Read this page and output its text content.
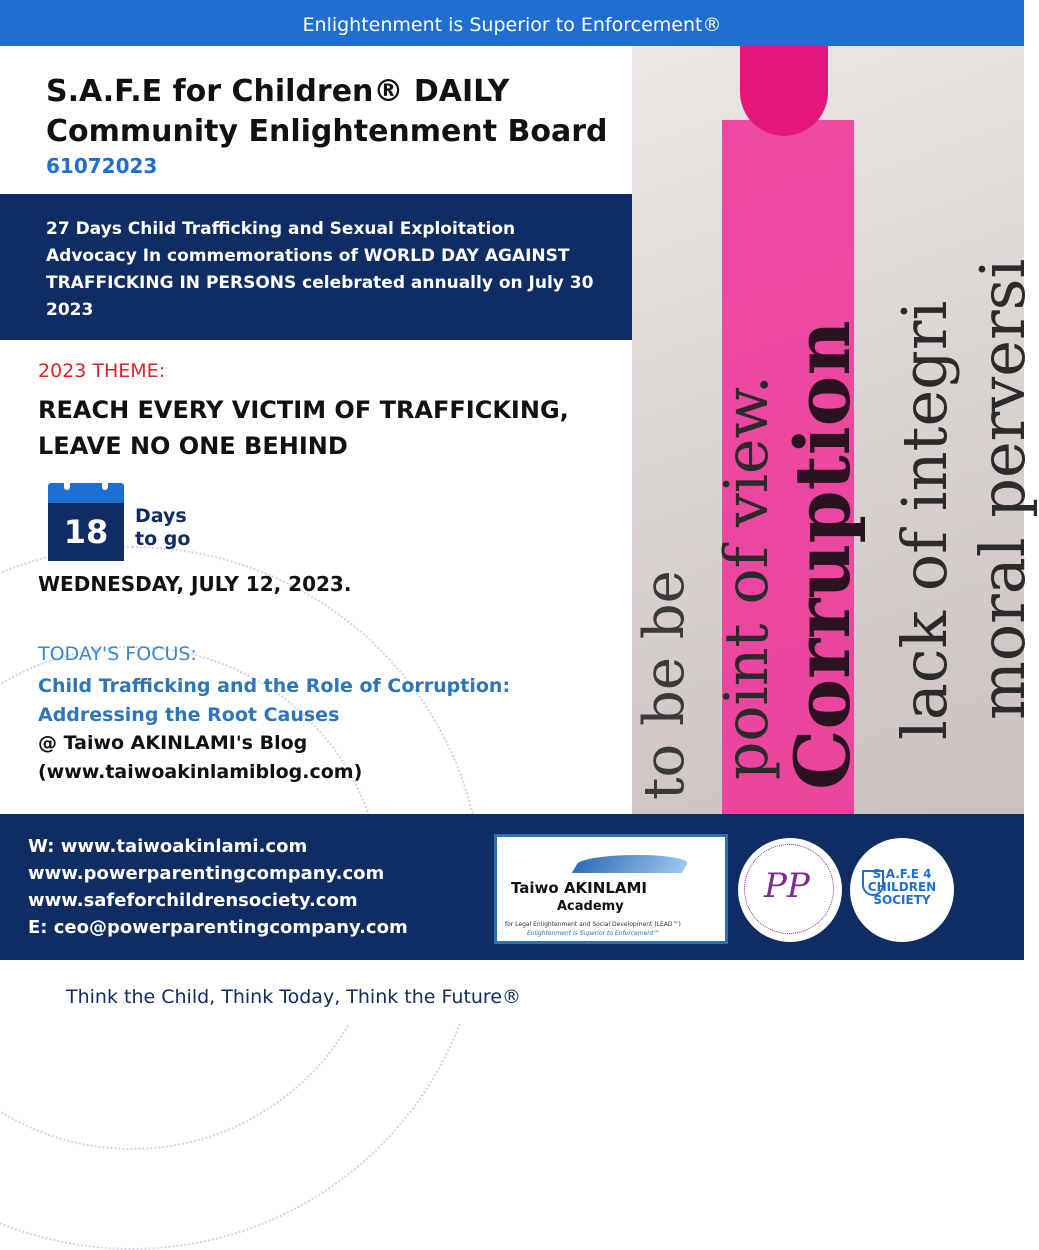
Enlightenment is Superior to Enforcement®
S.A.F.E for Children® DAILY
Community Enlightenment Board
61072023
27 Days Child Trafficking and Sexual Exploitation Advocacy In commemorations of WORLD DAY AGAINST TRAFFICKING IN PERSONS celebrated annually on July 30 2023
2023 THEME:
REACH EVERY VICTIM OF TRAFFICKING, LEAVE NO ONE BEHIND
18	Days
to go
WEDNESDAY, JULY 12, 2023.
TODAY'S FOCUS:
Child Trafficking and the Role of Corruption: Addressing the Root Causes
@ Taiwo AKINLAMI's Blog
(www.taiwoakinlamiblog.com)	to be be point of view.
Corruption lack of integri moral perversi
W: www.taiwoakinlami.com
www.powerparentingcompany.com
www.safeforchildrensociety.com
E: ceo@powerparentingcompany.com
Taiwo AKINLAMI
Academy
for Legal Enlightenment and Social Development (LEAD™)
Enlightenment is Superior to Enforcement™
PP	S.A.F.E 4 CHILDREN SOCIETY
Think the Child, Think Today, Think the Future®
